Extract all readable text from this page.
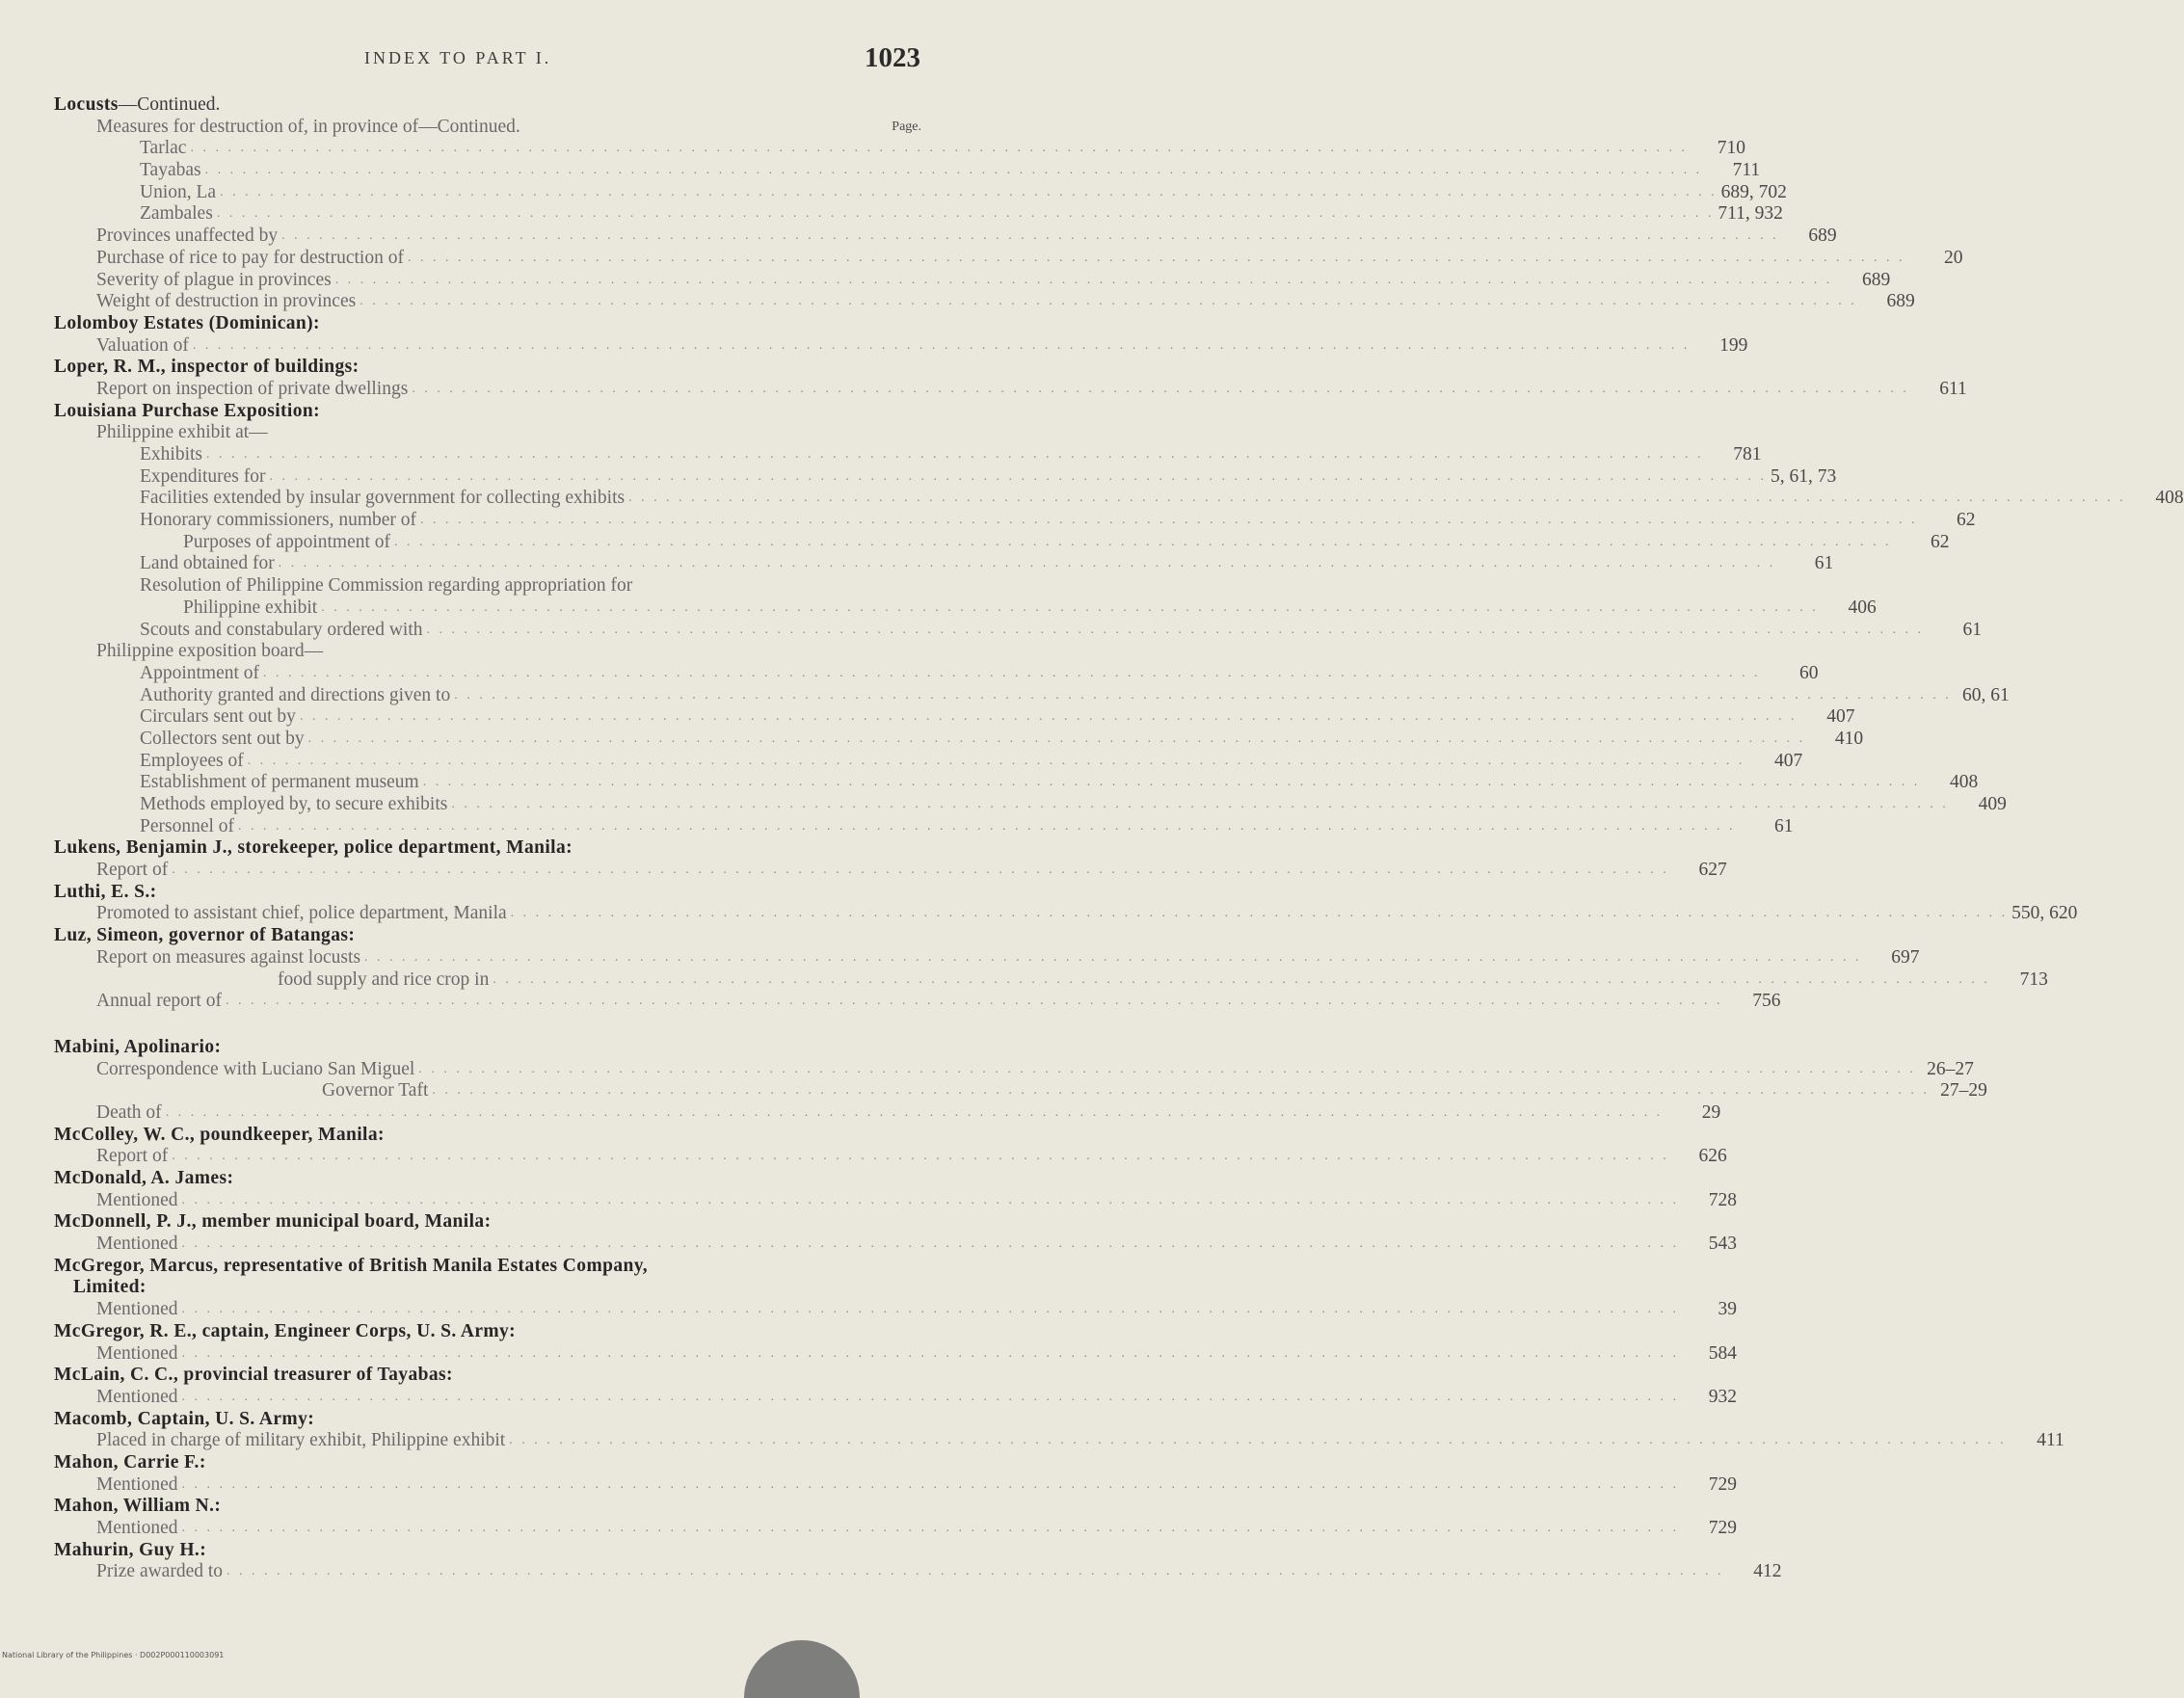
INDEX TO PART I.	1023
Locusts—Continued.
Measures for destruction of, in province of—Continued.	Page.
Tarlac . . . . . . . . . . . . . . . . . . . . . . . . . . . . . . . . . . . . . . . . . . . . . . . . . . . . . . . . . . . . . . . . . . . . . . . . . . . . . . . . . . . . . . . . . . . . . . . . . . . . . . . . . . . . . . . . . . . . . . . .	710
Tayabas . . . . . . . . . . . . . . . . . . . . . . . . . . . . . . . . . . . . . . . . . . . . . . . . . . . . . . . . . . . . . . . . . . . . . . . . . . . . . . . . . . . . . . . . . . . . . . . . . . . . . . . . . . . . . . . . . . . . . . . .	711
Union, La . . . . . . . . . . . . . . . . . . . . . . . . . . . . . . . . . . . . . . . . . . . . . . . . . . . . . . . . . . . . . . . . . . . . . . . . . . . . . . . . . . . . . . . . . . . . . . . . . . . . . . . . . . . . . . . . . . . . . . . . 689, 702
Zambales . . . . . . . . . . . . . . . . . . . . . . . . . . . . . . . . . . . . . . . . . . . . . . . . . . . . . . . . . . . . . . . . . . . . . . . . . . . . . . . . . . . . . . . . . . . . . . . . . . . . . . . . . . . . . . . . . . . . . . . . 711, 932
Provinces unaffected by . . . . . . . . . . . . . . . . . . . . . . . . . . . . . . . . . . . . . . . . . . . . . . . . . . . . . . . . . . . . . . . . . . . . . . . . . . . . . . . . . . . . . . . . . . . . . . . . . . . . . . . . . . . . . . . . . . . . . . . .	689
Purchase of rice to pay for destruction of . . . . . . . . . . . . . . . . . . . . . . . . . . . . . . . . . . . . . . . . . . . . . . . . . . . . . . . . . . . . . . . . . . . . . . . . . . . . . . . . . . . . . . . . . . . . . . . . . . . . . . . . . . . . . . . . . . . . . . . .	20
Severity of plague in provinces . . . . . . . . . . . . . . . . . . . . . . . . . . . . . . . . . . . . . . . . . . . . . . . . . . . . . . . . . . . . . . . . . . . . . . . . . . . . . . . . . . . . . . . . . . . . . . . . . . . . . . . . . . . . . . . . . . . . . . . .	689
Weight of destruction in provinces . . . . . . . . . . . . . . . . . . . . . . . . . . . . . . . . . . . . . . . . . . . . . . . . . . . . . . . . . . . . . . . . . . . . . . . . . . . . . . . . . . . . . . . . . . . . . . . . . . . . . . . . . . . . . . . . . . . . . . . .	689
Lolomboy Estates (Dominican):
Valuation of . . . . . . . . . . . . . . . . . . . . . . . . . . . . . . . . . . . . . . . . . . . . . . . . . . . . . . . . . . . . . . . . . . . . . . . . . . . . . . . . . . . . . . . . . . . . . . . . . . . . . . . . . . . . . . . . . . . . . . . .	199
Loper, R. M., inspector of buildings:
Report on inspection of private dwellings . . . . . . . . . . . . . . . . . . . . . . . . . . . . . . . . . . . . . . . . . . . . . . . . . . . . . . . . . . . . . . . . . . . . . . . . . . . . . . . . . . . . . . . . . . . . . . . . . . . . . . . . . . . . . . . . . . . . . . . .	611
Louisiana Purchase Exposition:
Philippine exhibit at—
Exhibits . . . . . . . . . . . . . . . . . . . . . . . . . . . . . . . . . . . . . . . . . . . . . . . . . . . . . . . . . . . . . . . . . . . . . . . . . . . . . . . . . . . . . . . . . . . . . . . . . . . . . . . . . . . . . . . . . . . . . . . .	781
Expenditures for . . . . . . . . . . . . . . . . . . . . . . . . . . . . . . . . . . . . . . . . . . . . . . . . . . . . . . . . . . . . . . . . . . . . . . . . . . . . . . . . . . . . . . . . . . . . . . . . . . . . . . . . . . . . . . . . . . . . . . . . 5, 61, 73
Facilities extended by insular government for collecting exhibits . . . . . . . . . . . . . . . . . . . . . . . . . . . . . . . . . . . . . . . . . . . . . . . . . . . . . . . . . . . . . . . . . . . . . . . . . . . . . . . . . . . . . . . . . . . . . . . . . . . . . . . . . . . . . . . . . . . . . . . .	408
Honorary commissioners, number of . . . . . . . . . . . . . . . . . . . . . . . . . . . . . . . . . . . . . . . . . . . . . . . . . . . . . . . . . . . . . . . . . . . . . . . . . . . . . . . . . . . . . . . . . . . . . . . . . . . . . . . . . . . . . . . . . . . . . . . .	62
Purposes of appointment of . . . . . . . . . . . . . . . . . . . . . . . . . . . . . . . . . . . . . . . . . . . . . . . . . . . . . . . . . . . . . . . . . . . . . . . . . . . . . . . . . . . . . . . . . . . . . . . . . . . . . . . . . . . . . . . . . . . . . . . .	62
Land obtained for . . . . . . . . . . . . . . . . . . . . . . . . . . . . . . . . . . . . . . . . . . . . . . . . . . . . . . . . . . . . . . . . . . . . . . . . . . . . . . . . . . . . . . . . . . . . . . . . . . . . . . . . . . . . . . . . . . . . . . . .	61
Resolution of Philippine Commission regarding appropriation for
Philippine exhibit . . . . . . . . . . . . . . . . . . . . . . . . . . . . . . . . . . . . . . . . . . . . . . . . . . . . . . . . . . . . . . . . . . . . . . . . . . . . . . . . . . . . . . . . . . . . . . . . . . . . . . . . . . . . . . . . . . . . . . . .	406
Scouts and constabulary ordered with . . . . . . . . . . . . . . . . . . . . . . . . . . . . . . . . . . . . . . . . . . . . . . . . . . . . . . . . . . . . . . . . . . . . . . . . . . . . . . . . . . . . . . . . . . . . . . . . . . . . . . . . . . . . . . . . . . . . . . . .	61
Philippine exposition board—
Appointment of . . . . . . . . . . . . . . . . . . . . . . . . . . . . . . . . . . . . . . . . . . . . . . . . . . . . . . . . . . . . . . . . . . . . . . . . . . . . . . . . . . . . . . . . . . . . . . . . . . . . . . . . . . . . . . . . . . . . . . . .	60
Authority granted and directions given to . . . . . . . . . . . . . . . . . . . . . . . . . . . . . . . . . . . . . . . . . . . . . . . . . . . . . . . . . . . . . . . . . . . . . . . . . . . . . . . . . . . . . . . . . . . . . . . . . . . . . . . . . . . . . . . . . . . . . . . . 60, 61
Circulars sent out by . . . . . . . . . . . . . . . . . . . . . . . . . . . . . . . . . . . . . . . . . . . . . . . . . . . . . . . . . . . . . . . . . . . . . . . . . . . . . . . . . . . . . . . . . . . . . . . . . . . . . . . . . . . . . . . . . . . . . . . .	407
Collectors sent out by . . . . . . . . . . . . . . . . . . . . . . . . . . . . . . . . . . . . . . . . . . . . . . . . . . . . . . . . . . . . . . . . . . . . . . . . . . . . . . . . . . . . . . . . . . . . . . . . . . . . . . . . . . . . . . . . . . . . . . . .	410
Employees of . . . . . . . . . . . . . . . . . . . . . . . . . . . . . . . . . . . . . . . . . . . . . . . . . . . . . . . . . . . . . . . . . . . . . . . . . . . . . . . . . . . . . . . . . . . . . . . . . . . . . . . . . . . . . . . . . . . . . . . .	407
Establishment of permanent museum . . . . . . . . . . . . . . . . . . . . . . . . . . . . . . . . . . . . . . . . . . . . . . . . . . . . . . . . . . . . . . . . . . . . . . . . . . . . . . . . . . . . . . . . . . . . . . . . . . . . . . . . . . . . . . . . . . . . . . . .	408
Methods employed by, to secure exhibits . . . . . . . . . . . . . . . . . . . . . . . . . . . . . . . . . . . . . . . . . . . . . . . . . . . . . . . . . . . . . . . . . . . . . . . . . . . . . . . . . . . . . . . . . . . . . . . . . . . . . . . . . . . . . . . . . . . . . . . .	409
Personnel of . . . . . . . . . . . . . . . . . . . . . . . . . . . . . . . . . . . . . . . . . . . . . . . . . . . . . . . . . . . . . . . . . . . . . . . . . . . . . . . . . . . . . . . . . . . . . . . . . . . . . . . . . . . . . . . . . . . . . . . .	61
Lukens, Benjamin J., storekeeper, police department, Manila:
Report of . . . . . . . . . . . . . . . . . . . . . . . . . . . . . . . . . . . . . . . . . . . . . . . . . . . . . . . . . . . . . . . . . . . . . . . . . . . . . . . . . . . . . . . . . . . . . . . . . . . . . . . . . . . . . . . . . . . . . . . .	627
Luthi, E. S.:
Promoted to assistant chief, police department, Manila . . . . . . . . . . . . . . . . . . . . . . . . . . . . . . . . . . . . . . . . . . . . . . . . . . . . . . . . . . . . . . . . . . . . . . . . . . . . . . . . . . . . . . . . . . . . . . . . . . . . . . . . . . . . . . . . . . . . . . . . 550, 620
Luz, Simeon, governor of Batangas:
Report on measures against locusts . . . . . . . . . . . . . . . . . . . . . . . . . . . . . . . . . . . . . . . . . . . . . . . . . . . . . . . . . . . . . . . . . . . . . . . . . . . . . . . . . . . . . . . . . . . . . . . . . . . . . . . . . . . . . . . . . . . . . . . .	697
food supply and rice crop in . . . . . . . . . . . . . . . . . . . . . . . . . . . . . . . . . . . . . . . . . . . . . . . . . . . . . . . . . . . . . . . . . . . . . . . . . . . . . . . . . . . . . . . . . . . . . . . . . . . . . . . . . . . . . . . . . . . . . . . .	713
Annual report of . . . . . . . . . . . . . . . . . . . . . . . . . . . . . . . . . . . . . . . . . . . . . . . . . . . . . . . . . . . . . . . . . . . . . . . . . . . . . . . . . . . . . . . . . . . . . . . . . . . . . . . . . . . . . . . . . . . . . . . .	756
Mabini, Apolinario:
Correspondence with Luciano San Miguel . . . . . . . . . . . . . . . . . . . . . . . . . . . . . . . . . . . . . . . . . . . . . . . . . . . . . . . . . . . . . . . . . . . . . . . . . . . . . . . . . . . . . . . . . . . . . . . . . . . . . . . . . . . . . . . . . . . . . . . . 26–27
Governor Taft . . . . . . . . . . . . . . . . . . . . . . . . . . . . . . . . . . . . . . . . . . . . . . . . . . . . . . . . . . . . . . . . . . . . . . . . . . . . . . . . . . . . . . . . . . . . . . . . . . . . . . . . . . . . . . . . . . . . . . . . 27–29
Death of . . . . . . . . . . . . . . . . . . . . . . . . . . . . . . . . . . . . . . . . . . . . . . . . . . . . . . . . . . . . . . . . . . . . . . . . . . . . . . . . . . . . . . . . . . . . . . . . . . . . . . . . . . . . . . . . . . . . . . . .	29
McColley, W. C., poundkeeper, Manila:
Report of . . . . . . . . . . . . . . . . . . . . . . . . . . . . . . . . . . . . . . . . . . . . . . . . . . . . . . . . . . . . . . . . . . . . . . . . . . . . . . . . . . . . . . . . . . . . . . . . . . . . . . . . . . . . . . . . . . . . . . . .	626
McDonald, A. James:
Mentioned . . . . . . . . . . . . . . . . . . . . . . . . . . . . . . . . . . . . . . . . . . . . . . . . . . . . . . . . . . . . . . . . . . . . . . . . . . . . . . . . . . . . . . . . . . . . . . . . . . . . . . . . . . . . . . . . . . . . . . . .	728
McDonnell, P. J., member municipal board, Manila:
Mentioned . . . . . . . . . . . . . . . . . . . . . . . . . . . . . . . . . . . . . . . . . . . . . . . . . . . . . . . . . . . . . . . . . . . . . . . . . . . . . . . . . . . . . . . . . . . . . . . . . . . . . . . . . . . . . . . . . . . . . . . .	543
McGregor, Marcus, representative of British Manila Estates Company,
Limited:
Mentioned . . . . . . . . . . . . . . . . . . . . . . . . . . . . . . . . . . . . . . . . . . . . . . . . . . . . . . . . . . . . . . . . . . . . . . . . . . . . . . . . . . . . . . . . . . . . . . . . . . . . . . . . . . . . . . . . . . . . . . . .	39
McGregor, R. E., captain, Engineer Corps, U. S. Army:
Mentioned . . . . . . . . . . . . . . . . . . . . . . . . . . . . . . . . . . . . . . . . . . . . . . . . . . . . . . . . . . . . . . . . . . . . . . . . . . . . . . . . . . . . . . . . . . . . . . . . . . . . . . . . . . . . . . . . . . . . . . . .	584
McLain, C. C., provincial treasurer of Tayabas:
Mentioned . . . . . . . . . . . . . . . . . . . . . . . . . . . . . . . . . . . . . . . . . . . . . . . . . . . . . . . . . . . . . . . . . . . . . . . . . . . . . . . . . . . . . . . . . . . . . . . . . . . . . . . . . . . . . . . . . . . . . . . .	932
Macomb, Captain, U. S. Army:
Placed in charge of military exhibit, Philippine exhibit . . . . . . . . . . . . . . . . . . . . . . . . . . . . . . . . . . . . . . . . . . . . . . . . . . . . . . . . . . . . . . . . . . . . . . . . . . . . . . . . . . . . . . . . . . . . . . . . . . . . . . . . . . . . . . . . . . . . . . . .	411
Mahon, Carrie F.:
Mentioned . . . . . . . . . . . . . . . . . . . . . . . . . . . . . . . . . . . . . . . . . . . . . . . . . . . . . . . . . . . . . . . . . . . . . . . . . . . . . . . . . . . . . . . . . . . . . . . . . . . . . . . . . . . . . . . . . . . . . . . .	729
Mahon, William N.:
Mentioned . . . . . . . . . . . . . . . . . . . . . . . . . . . . . . . . . . . . . . . . . . . . . . . . . . . . . . . . . . . . . . . . . . . . . . . . . . . . . . . . . . . . . . . . . . . . . . . . . . . . . . . . . . . . . . . . . . . . . . . .	729
Mahurin, Guy H.:
Prize awarded to . . . . . . . . . . . . . . . . . . . . . . . . . . . . . . . . . . . . . . . . . . . . . . . . . . . . . . . . . . . . . . . . . . . . . . . . . . . . . . . . . . . . . . . . . . . . . . . . . . . . . . . . . . . . . . . . . . . . . . . .	412
National Library of the Philippines · D002P000110003091
